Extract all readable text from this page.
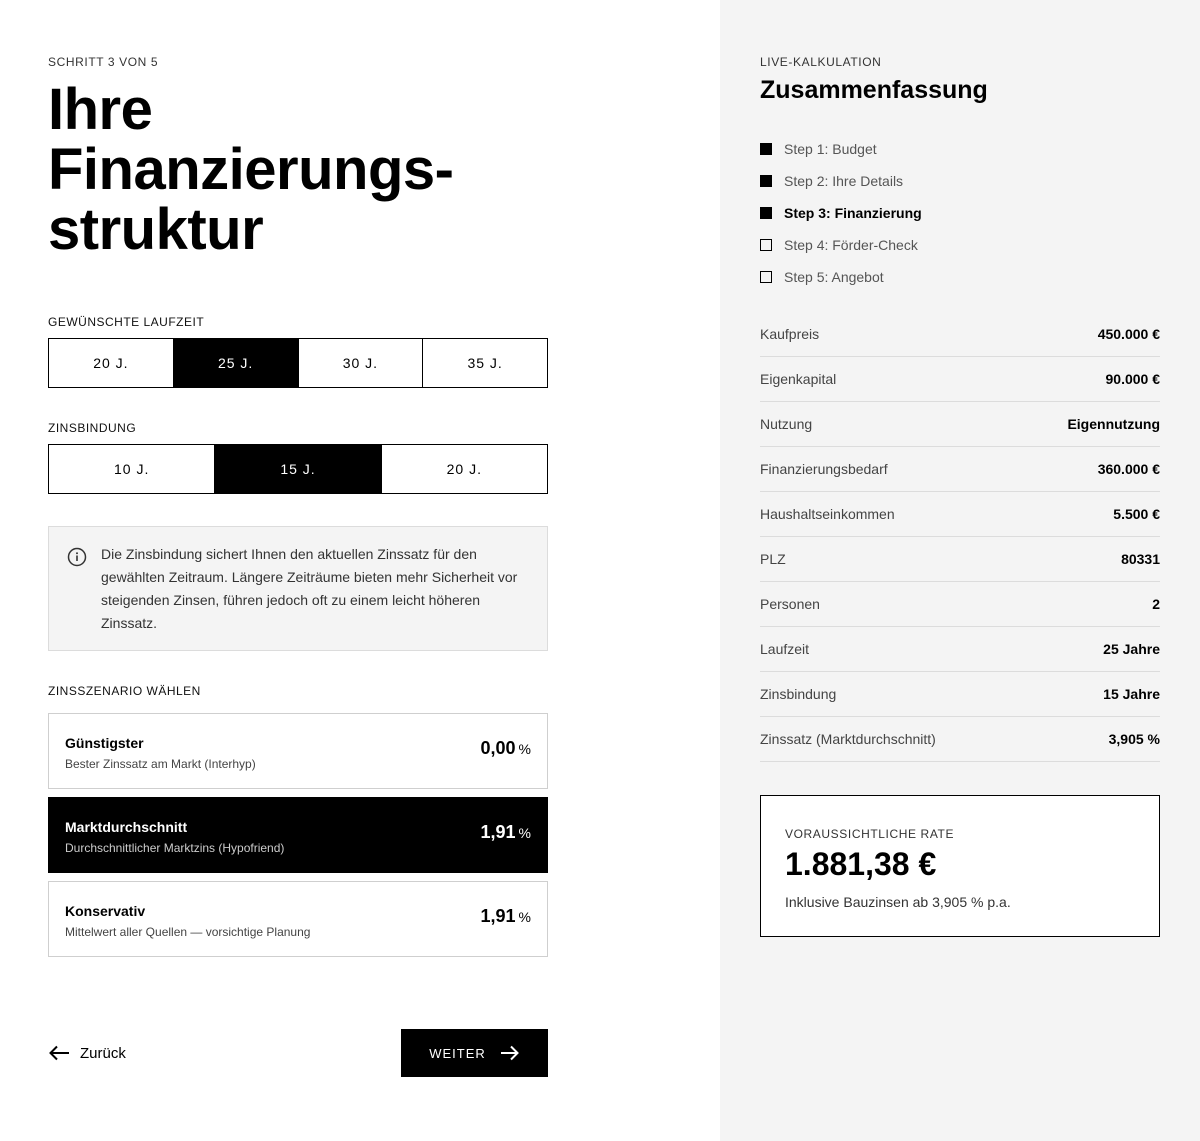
SCHRITT 3 VON 5
Ihre
Finanzierungs-
struktur
GEWÜNSCHTE LAUFZEIT
20 J.	25 J.	30 J.	35 J.
ZINSBINDUNG
10 J.	15 J.	20 J.
Die Zinsbindung sichert Ihnen den aktuellen Zinssatz für den gewählten Zeitraum. Längere Zeiträume bieten mehr Sicherheit vor steigenden Zinsen, führen jedoch oft zu einem leicht höheren Zinssatz.
ZINSSZENARIO WÄHLEN
Günstigster
Bester Zinssatz am Markt (Interhyp)
0,00 %
Marktdurchschnitt
Durchschnittlicher Marktzins (Hypofriend)
1,91 %
Konservativ
Mittelwert aller Quellen — vorsichtige Planung
1,91 %
Zurück	WEITER
LIVE-KALKULATION
Zusammenfassung
Step 1: Budget
Step 2: Ihre Details
Step 3: Finanzierung
Step 4: Förder-Check
Step 5: Angebot
Kaufpreis	450.000 €
Eigenkapital	90.000 €
Nutzung	Eigennutzung
Finanzierungsbedarf	360.000 €
Haushaltseinkommen	5.500 €
PLZ	80331
Personen	2
Laufzeit	25 Jahre
Zinsbindung	15 Jahre
Zinssatz (Marktdurchschnitt)	3,905 %
VORAUSSICHTLICHE RATE
1.881,38 €
Inklusive Bauzinsen ab 3,905 % p.a.
